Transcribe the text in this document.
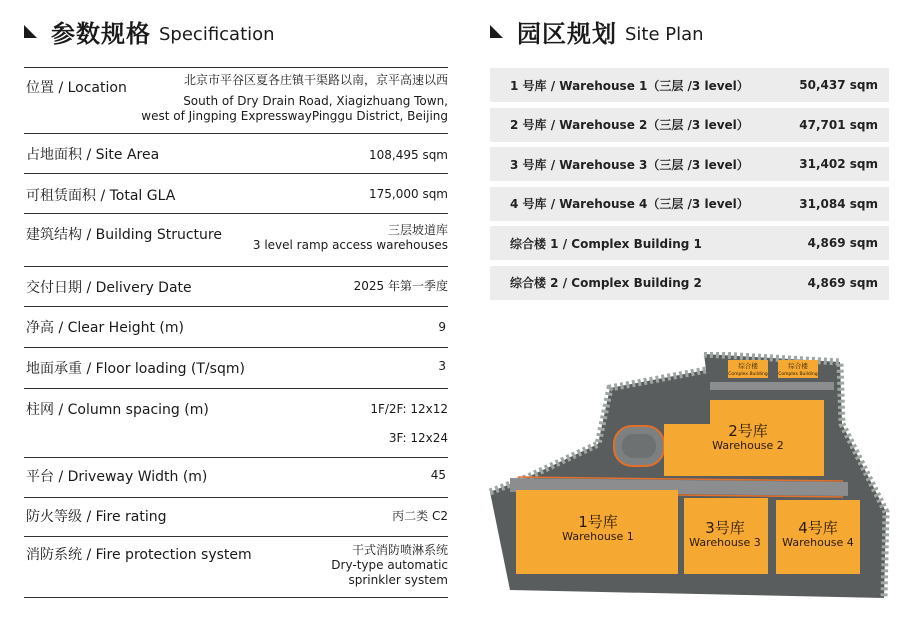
参数规格 Specification	园区规划 Site Plan
位置 / Location	北京市平谷区夏各庄镇干渠路以南，京平高速以西
South of Dry Drain Road, Xiagizhuang Town,
west of Jingping ExpresswayPinggu District, Beijing
占地面积 / Site Area	108,495 sqm
可租赁面积 / Total GLA	175,000 sqm
建筑结构 / Building Structure	三层坡道库
3 level ramp access warehouses
交付日期 / Delivery Date	2025 年第一季度
净高 / Clear Height (m)	9
地面承重 / Floor loading (T/sqm)	3
柱网 / Column spacing (m)	1F/2F: 12x12
3F: 12x24
平台 / Driveway Width (m)	45
防火等级 / Fire rating	丙二类 C2
消防系统 / Fire protection system	干式消防喷淋系统
Dry-type automatic
sprinkler system
1 号库 / Warehouse 1（三层 /3 level）	50,437 sqm
2 号库 / Warehouse 2（三层 /3 level）	47,701 sqm
3 号库 / Warehouse 3（三层 /3 level）	31,402 sqm
4 号库 / Warehouse 4（三层 /3 level）	31,084 sqm
综合楼 1 / Complex Building 1	4,869 sqm
综合楼 2 / Complex Building 2	4,869 sqm
综合楼
Complex Building
综合楼
Complex Building
2号库
Warehouse 2
1号库
Warehouse 1	3号库
Warehouse 3
4号库
Warehouse 4
